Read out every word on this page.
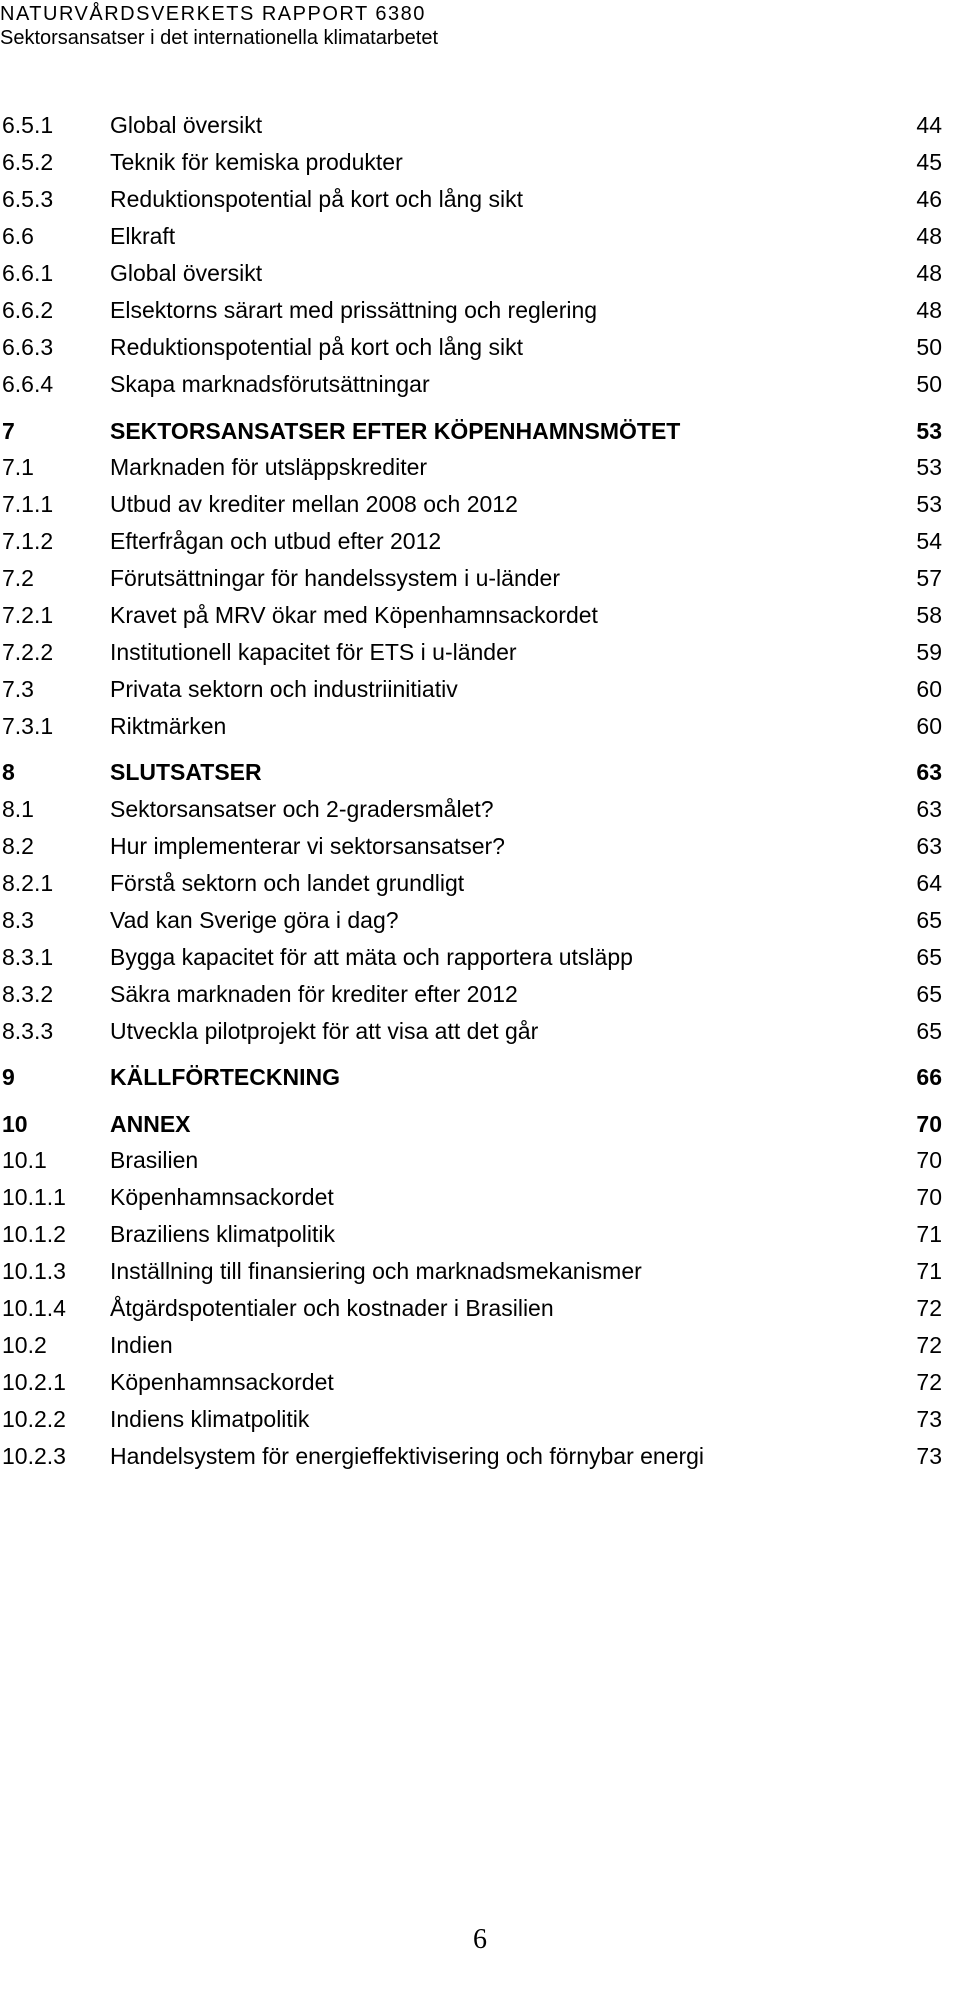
NATURVÅRDSVERKETS RAPPORT 6380
Sektorsansatser i det internationella klimatarbetet
6.5.1 Global översikt	44
6.5.2 Teknik för kemiska produkter	45
6.5.3 Reduktionspotential på kort och lång sikt	46
6.6	Elkraft	48
6.6.1 Global översikt	48
6.6.2 Elsektorns särart med prissättning och reglering	48
6.6.3 Reduktionspotential på kort och lång sikt	50
6.6.4 Skapa marknadsförutsättningar	50
7	SEKTORSANSATSER EFTER KÖPENHAMNSMÖTET	53
7.1	Marknaden för utsläppskrediter	53
7.1.1 Utbud av krediter mellan 2008 och 2012	53
7.1.2 Efterfrågan och utbud efter 2012	54
7.2	Förutsättningar för handelssystem i u-länder	57
7.2.1 Kravet på MRV ökar med Köpenhamnsackordet	58
7.2.2 Institutionell kapacitet för ETS i u-länder	59
7.3	Privata sektorn och industriinitiativ	60
7.3.1 Riktmärken	60
8	SLUTSATSER	63
8.1	Sektorsansatser och 2-gradersmålet?	63
8.2	Hur implementerar vi sektorsansatser?	63
8.2.1 Förstå sektorn och landet grundligt	64
8.3	Vad kan Sverige göra i dag?	65
8.3.1 Bygga kapacitet för att mäta och rapportera utsläpp	65
8.3.2 Säkra marknaden för krediter efter 2012	65
8.3.3 Utveckla pilotprojekt för att visa att det går	65
9	KÄLLFÖRTECKNING	66
10	ANNEX	70
10.1	Brasilien	70
10.1.1 Köpenhamnsackordet	70
10.1.2 Braziliens klimatpolitik	71
10.1.3 Inställning till finansiering och marknadsmekanismer	71
10.1.4 Åtgärdspotentialer och kostnader i Brasilien	72
10.2	Indien	72
10.2.1 Köpenhamnsackordet	72
10.2.2 Indiens klimatpolitik	73
10.2.3 Handelsystem för energieffektivisering och förnybar energi	73
6
